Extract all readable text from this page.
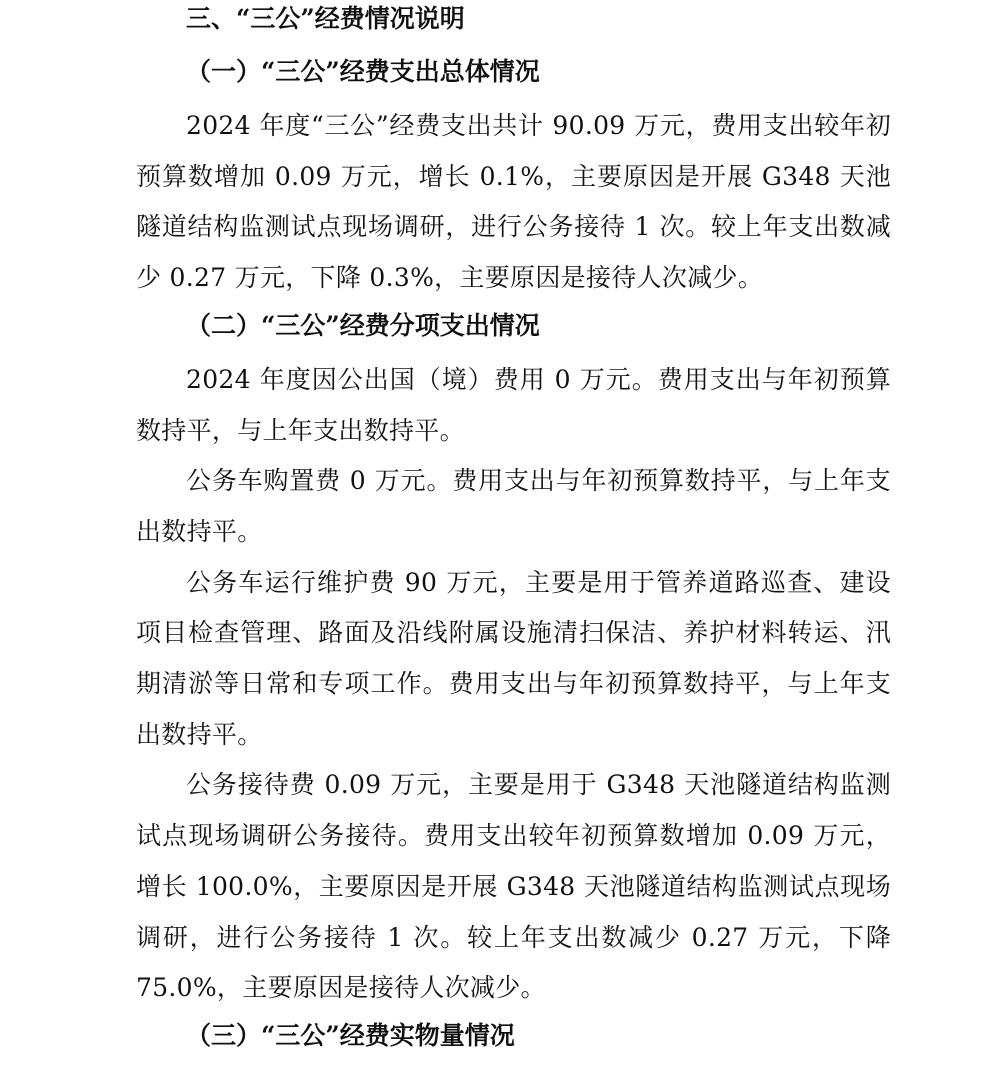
三、“三公”经费情况说明
（一）“三公”经费支出总体情况

2024 年度“三公”经费支出共计 90.09 万元，费用支出较年初预算数增加 0.09 万元，增长 0.1%，主要原因是开展 G348 天池隧道结构监测试点现场调研，进行公务接待 1 次。较上年支出数减少 0.27 万元，下降 0.3%，主要原因是接待人次减少。

（二）“三公”经费分项支出情况

2024 年度因公出国（境）费用 0 万元。费用支出与年初预算数持平，与上年支出数持平。

公务车购置费 0 万元。费用支出与年初预算数持平，与上年支出数持平。

公务车运行维护费 90 万元，主要是用于管养道路巡查、建设项目检查管理、路面及沿线附属设施清扫保洁、养护材料转运、汛期清淤等日常和专项工作。费用支出与年初预算数持平，与上年支出数持平。

公务接待费 0.09 万元，主要是用于 G348 天池隧道结构监测试点现场调研公务接待。费用支出较年初预算数增加 0.09 万元，增长 100.0%，主要原因是开展 G348 天池隧道结构监测试点现场调研，进行公务接待 1 次。较上年支出数减少 0.27 万元，下降 75.0%，主要原因是接待人次减少。

（三）“三公”经费实物量情况
